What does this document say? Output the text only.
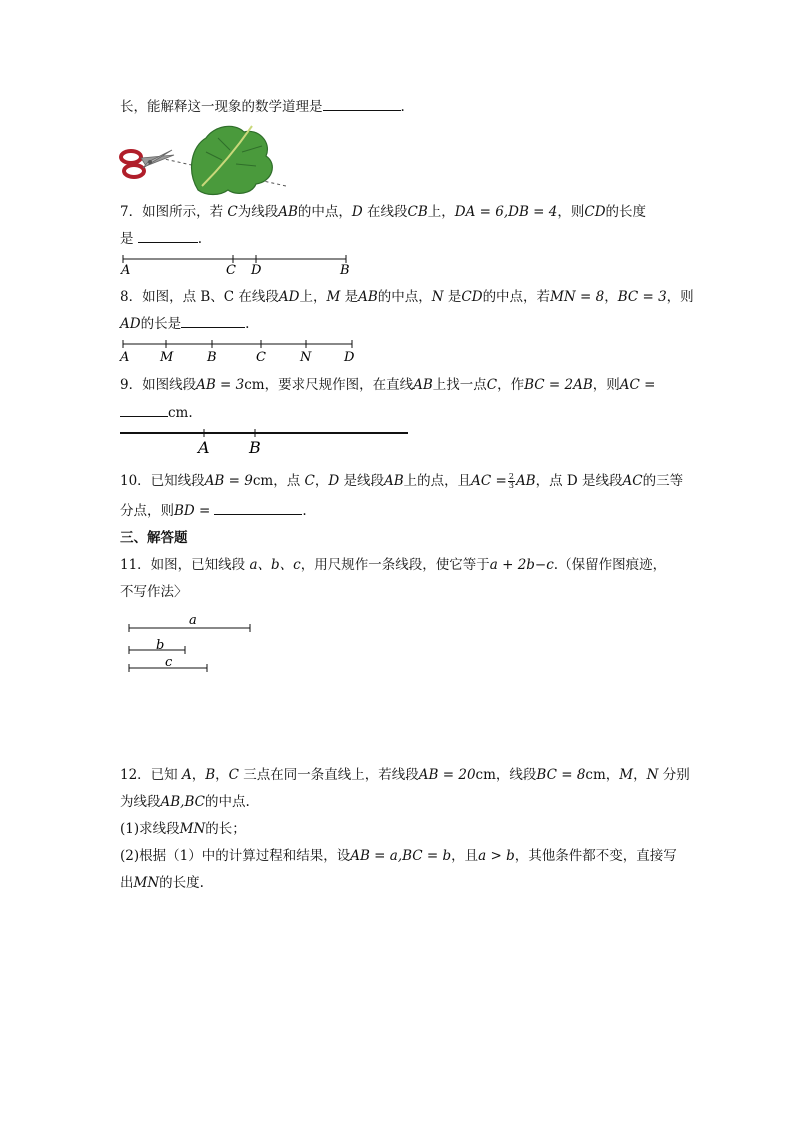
长，能解释这一现象的数学道理是	.
7．如图所示，若 C为线段AB的中点，D 在线段CB上，DA = 6,DB = 4，则CD的长度
是	.
A	C D	B
8．如图，点 B、C 在线段AD上，M 是AB的中点，N 是CD的中点，若MN = 8，BC = 3，则
AD的长是	.
A M	B	C	N	D
9．如图线段AB = 3cm，要求尺规作图，在直线AB上找一点C，作BC = 2AB，则AC =
cm.
A B
10．已知线段AB = 9cm，点 C，D 是线段AB上的点，且AC = $\frac{2}{3}$ AB，点 D 是线段AC的三等
分点，则BD =	.
三、解答题
11．如图，已知线段 a、b、c，用尺规作一条线段，使它等于a + 2b−c.（保留作图痕迹，
不写作法〉
a
b
c
12．已知 A，B，C 三点在同一条直线上，若线段AB = 20cm，线段BC = 8cm，M，N 分别
为线段AB,BC的中点.
(1)求线段MN的长；
(2)根据（1）中的计算过程和结果，设AB = a,BC = b，且a > b，其他条件都不变，直接写
出MN的长度.
